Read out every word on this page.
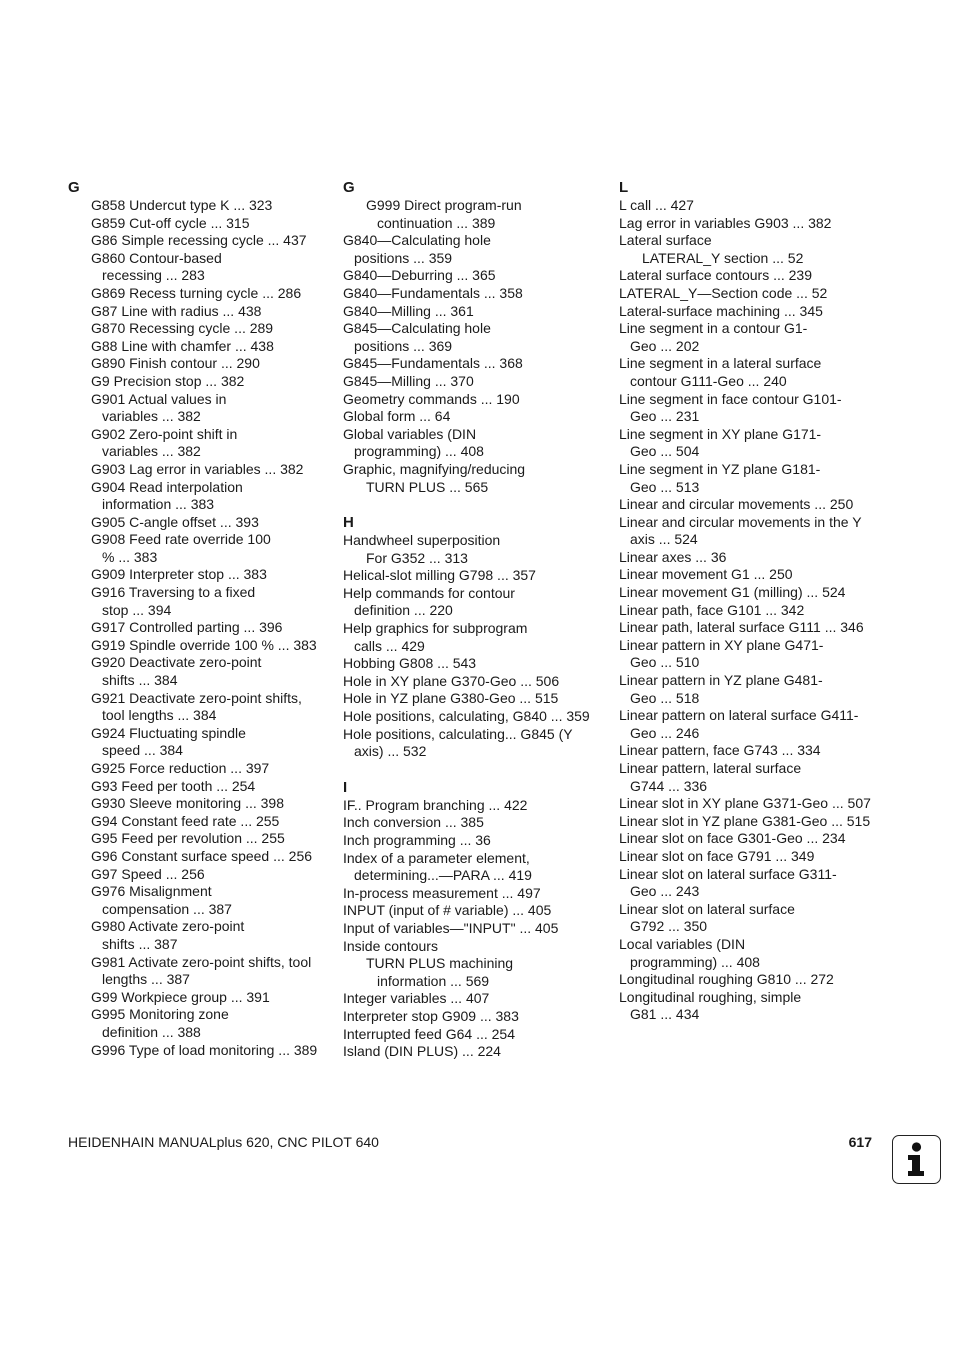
G
G858 Undercut type K ... 323
G859 Cut-off cycle ... 315
G86 Simple recessing cycle ... 437
G860 Contour-based
recessing ... 283
G869 Recess turning cycle ... 286
G87 Line with radius ... 438
G870 Recessing cycle ... 289
G88 Line with chamfer ... 438
G890 Finish contour ... 290
G9 Precision stop ... 382
G901 Actual values in
variables ... 382
G902 Zero-point shift in
variables ... 382
G903 Lag error in variables ... 382
G904 Read interpolation
information ... 383
G905 C-angle offset ... 393
G908 Feed rate override 100
% ... 383
G909 Interpreter stop ... 383
G916 Traversing to a fixed
stop ... 394
G917 Controlled parting ... 396
G919 Spindle override 100 % ... 383
G920 Deactivate zero-point
shifts ... 384
G921 Deactivate zero-point shifts,
tool lengths ... 384
G924 Fluctuating spindle
speed ... 384
G925 Force reduction ... 397
G93 Feed per tooth ... 254
G930 Sleeve monitoring ... 398
G94 Constant feed rate ... 255
G95 Feed per revolution ... 255
G96 Constant surface speed ... 256
G97 Speed ... 256
G976 Misalignment
compensation ... 387
G980 Activate zero-point
shifts ... 387
G981 Activate zero-point shifts, tool
lengths ... 387
G99 Workpiece group ... 391
G995 Monitoring zone
definition ... 388
G996 Type of load monitoring ... 389
G
G999 Direct program-run
continuation ... 389
G840—Calculating hole
positions ... 359
G840—Deburring ... 365
G840—Fundamentals ... 358
G840—Milling ... 361
G845—Calculating hole
positions ... 369
G845—Fundamentals ... 368
G845—Milling ... 370
Geometry commands ... 190
Global form ... 64
Global variables (DIN
programming) ... 408
Graphic, magnifying/reducing
TURN PLUS ... 565
H
Handwheel superposition
For G352 ... 313
Helical-slot milling G798 ... 357
Help commands for contour
definition ... 220
Help graphics for subprogram
calls ... 429
Hobbing G808 ... 543
Hole in XY plane G370-Geo ... 506
Hole in YZ plane G380-Geo ... 515
Hole positions, calculating, G840 ... 359
Hole positions, calculating... G845 (Y
axis) ... 532
I
IF.. Program branching ... 422
Inch conversion ... 385
Inch programming ... 36
Index of a parameter element,
determining...—PARA ... 419
In-process measurement ... 497
INPUT (input of # variable) ... 405
Input of variables—"INPUT" ... 405
Inside contours
TURN PLUS machining
information ... 569
Integer variables ... 407
Interpreter stop G909 ... 383
Interrupted feed G64 ... 254
Island (DIN PLUS) ... 224
L
L call ... 427
Lag error in variables G903 ... 382
Lateral surface
LATERAL_Y section ... 52
Lateral surface contours ... 239
LATERAL_Y—Section code ... 52
Lateral-surface machining ... 345
Line segment in a contour G1-
Geo ... 202
Line segment in a lateral surface
contour G111-Geo ... 240
Line segment in face contour G101-
Geo ... 231
Line segment in XY plane G171-
Geo ... 504
Line segment in YZ plane G181-
Geo ... 513
Linear and circular movements ... 250
Linear and circular movements in the Y
axis ... 524
Linear axes ... 36
Linear movement G1 ... 250
Linear movement G1 (milling) ... 524
Linear path, face G101 ... 342
Linear path, lateral surface G111 ... 346
Linear pattern in XY plane G471-
Geo ... 510
Linear pattern in YZ plane G481-
Geo ... 518
Linear pattern on lateral surface G411-
Geo ... 246
Linear pattern, face G743 ... 334
Linear pattern, lateral surface
G744 ... 336
Linear slot in XY plane G371-Geo ... 507
Linear slot in YZ plane G381-Geo ... 515
Linear slot on face G301-Geo ... 234
Linear slot on face G791 ... 349
Linear slot on lateral surface G311-
Geo ... 243
Linear slot on lateral surface
G792 ... 350
Local variables (DIN
programming) ... 408
Longitudinal roughing G810 ... 272
Longitudinal roughing, simple
G81 ... 434
HEIDENHAIN MANUALplus 620, CNC PILOT 640	617
